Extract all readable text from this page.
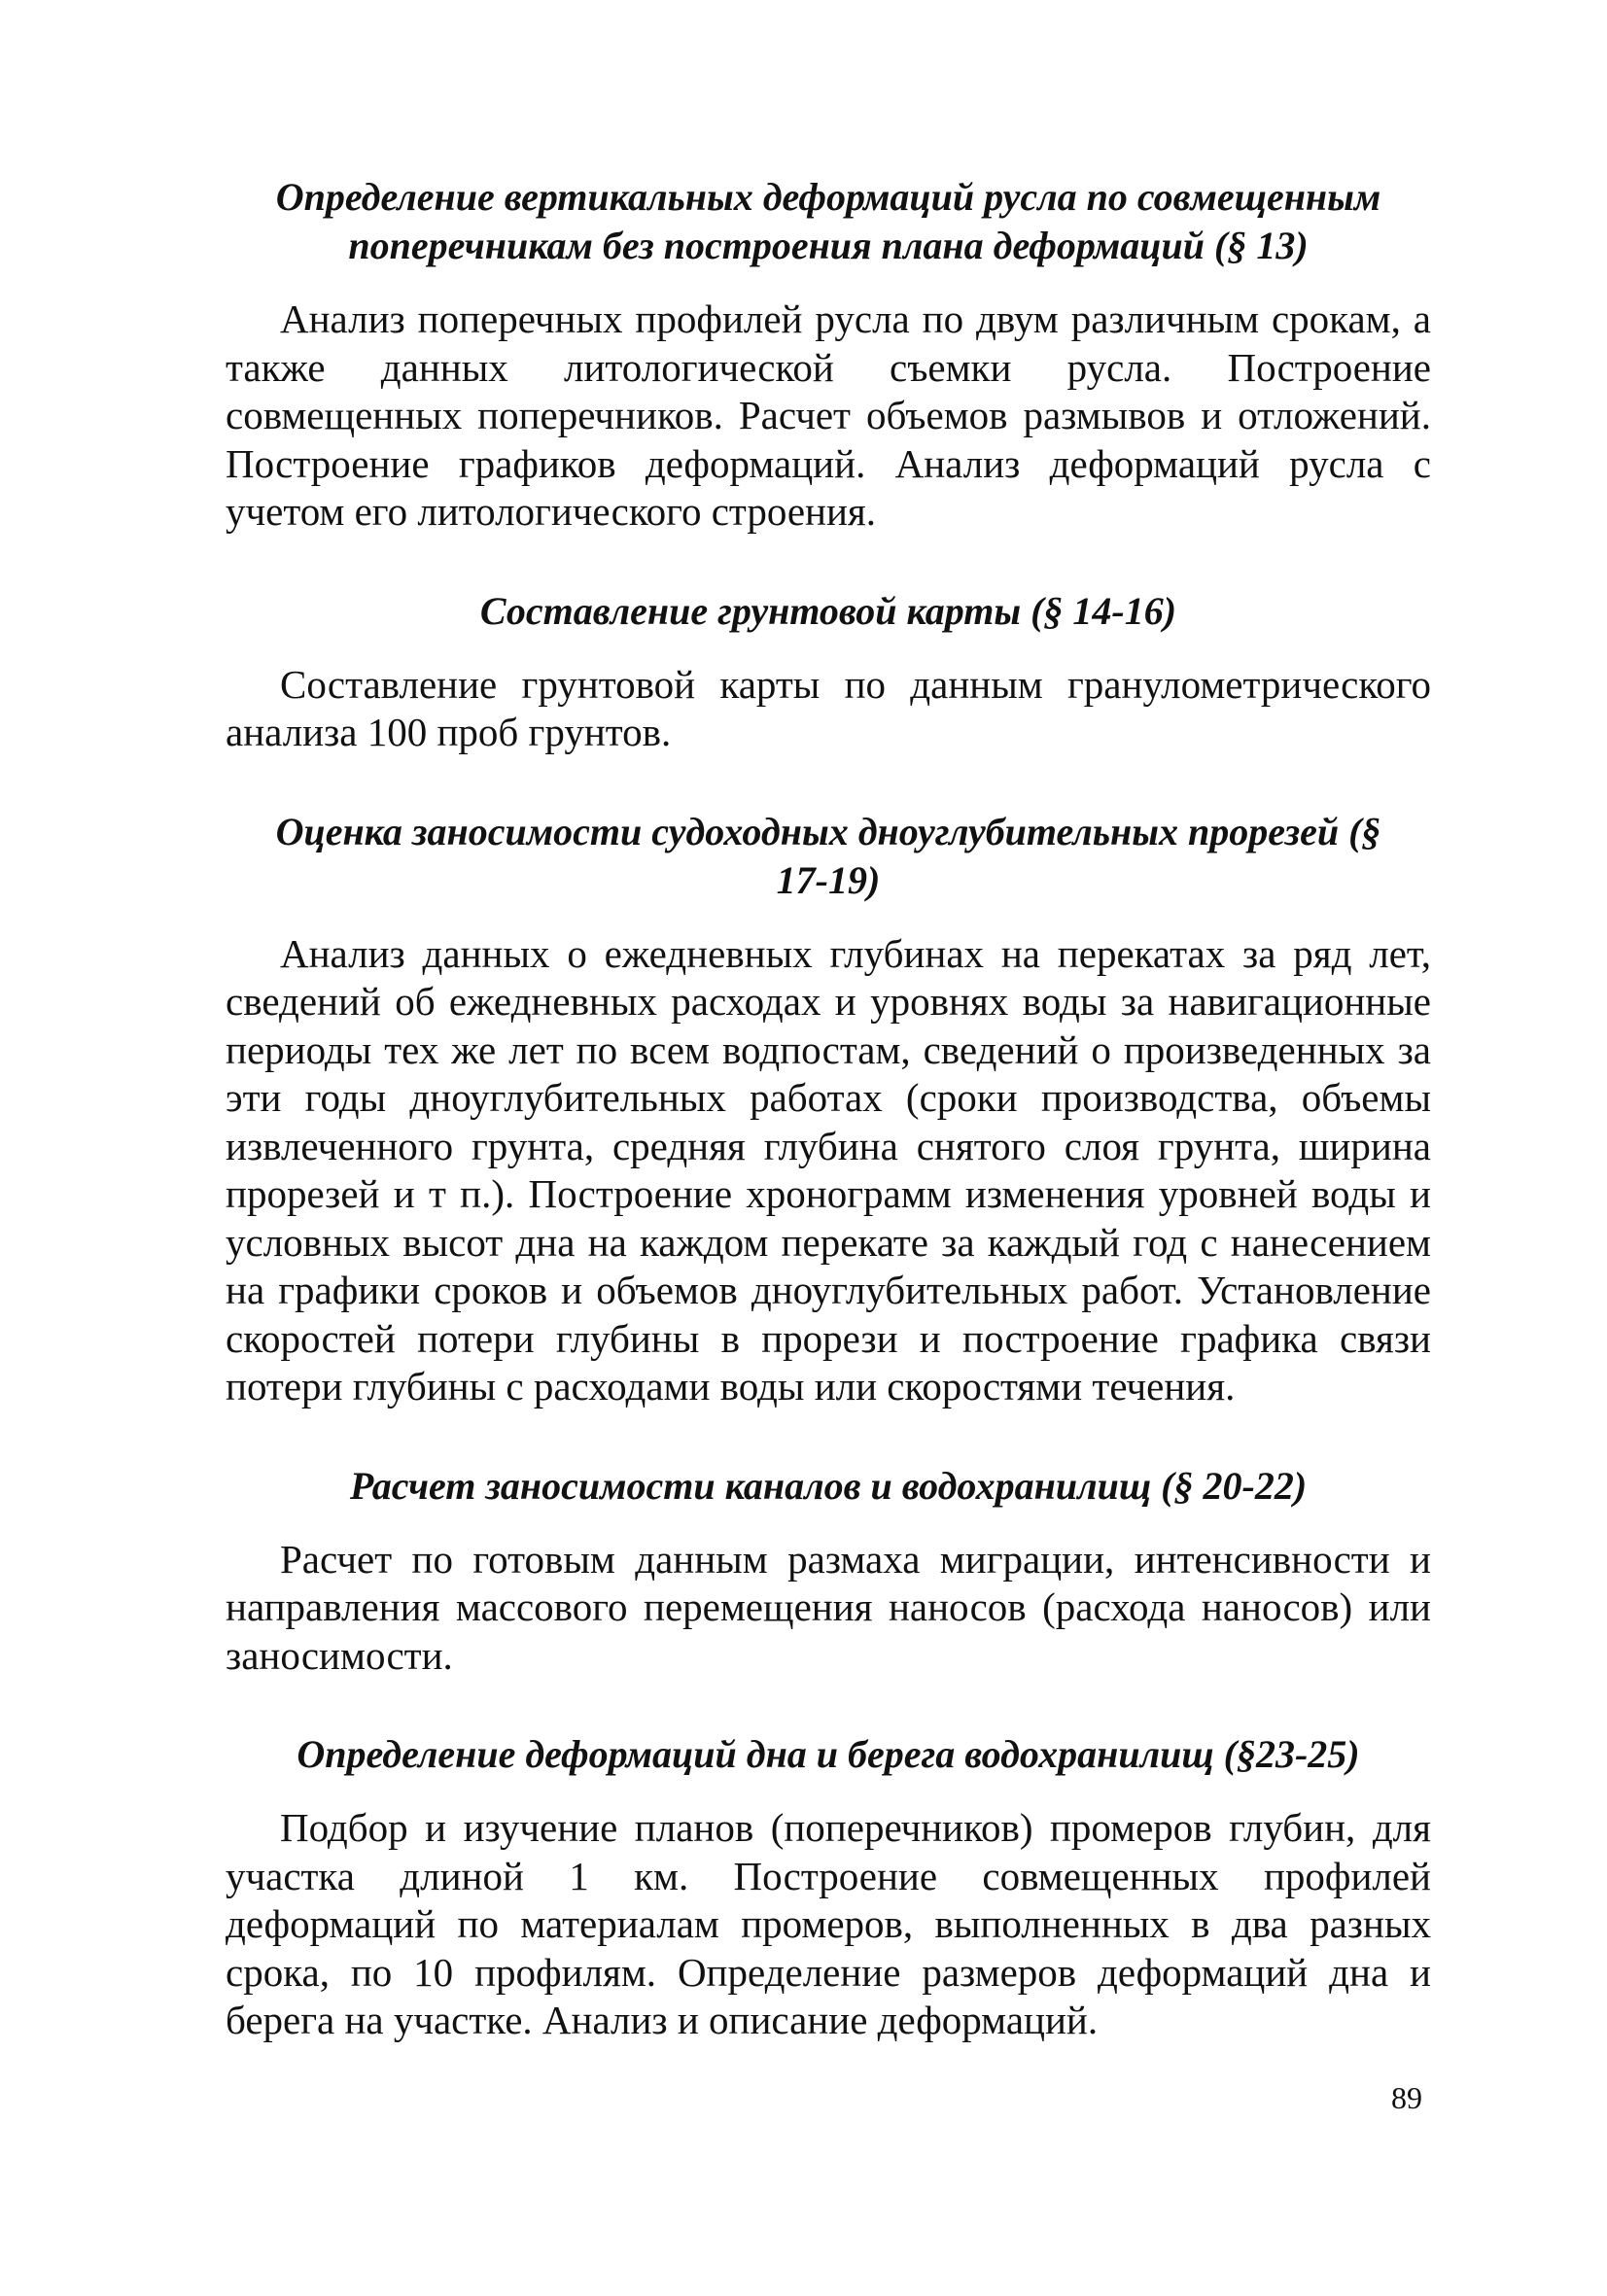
Определение вертикальных деформаций русла по совмещенным поперечникам без построения плана деформаций (§ 13)

Анализ поперечных профилей русла по двум различным срокам, а также данных литологической съемки русла. Построение совмещенных поперечников. Расчет объемов размывов и отложений. Построение графиков деформаций. Анализ деформаций русла с учетом его литологического строения.

Составление грунтовой карты (§ 14-16)

Составление грунтовой карты по данным гранулометрического анализа 100 проб грунтов.

Оценка заносимости судоходных дноуглубительных прорезей (§ 17-19)

Анализ данных о ежедневных глубинах на перекатах за ряд лет, сведений об ежедневных расходах и уровнях воды за навигационные периоды тех же лет по всем водпостам, сведений о произведенных за эти годы дноуглубительных работах (сроки производства, объемы извлеченного грунта, средняя глубина снятого слоя грунта, ширина прорезей и т п.). Построение хронограмм изменения уровней воды и условных высот дна на каждом перекате за каждый год с нанесением на графики сроков и объемов дноуглубительных работ. Установление скоростей потери глубины в прорези и построение графика связи потери глубины с расходами воды или скоростями течения.

Расчет заносимости каналов и водохранилищ (§ 20-22)

Расчет по готовым данным размаха миграции, интенсивности и направления массового перемещения наносов (расхода наносов) или заносимости.

Определение деформаций дна и берега водохранилищ (§23-25)

Подбор и изучение планов (поперечников) промеров глубин, для участка длиной 1 км. Построение совмещенных профилей деформаций по материалам промеров, выполненных в два разных срока, по 10 профилям. Определение размеров деформаций дна и берега на участке. Анализ и описание деформаций.

89
